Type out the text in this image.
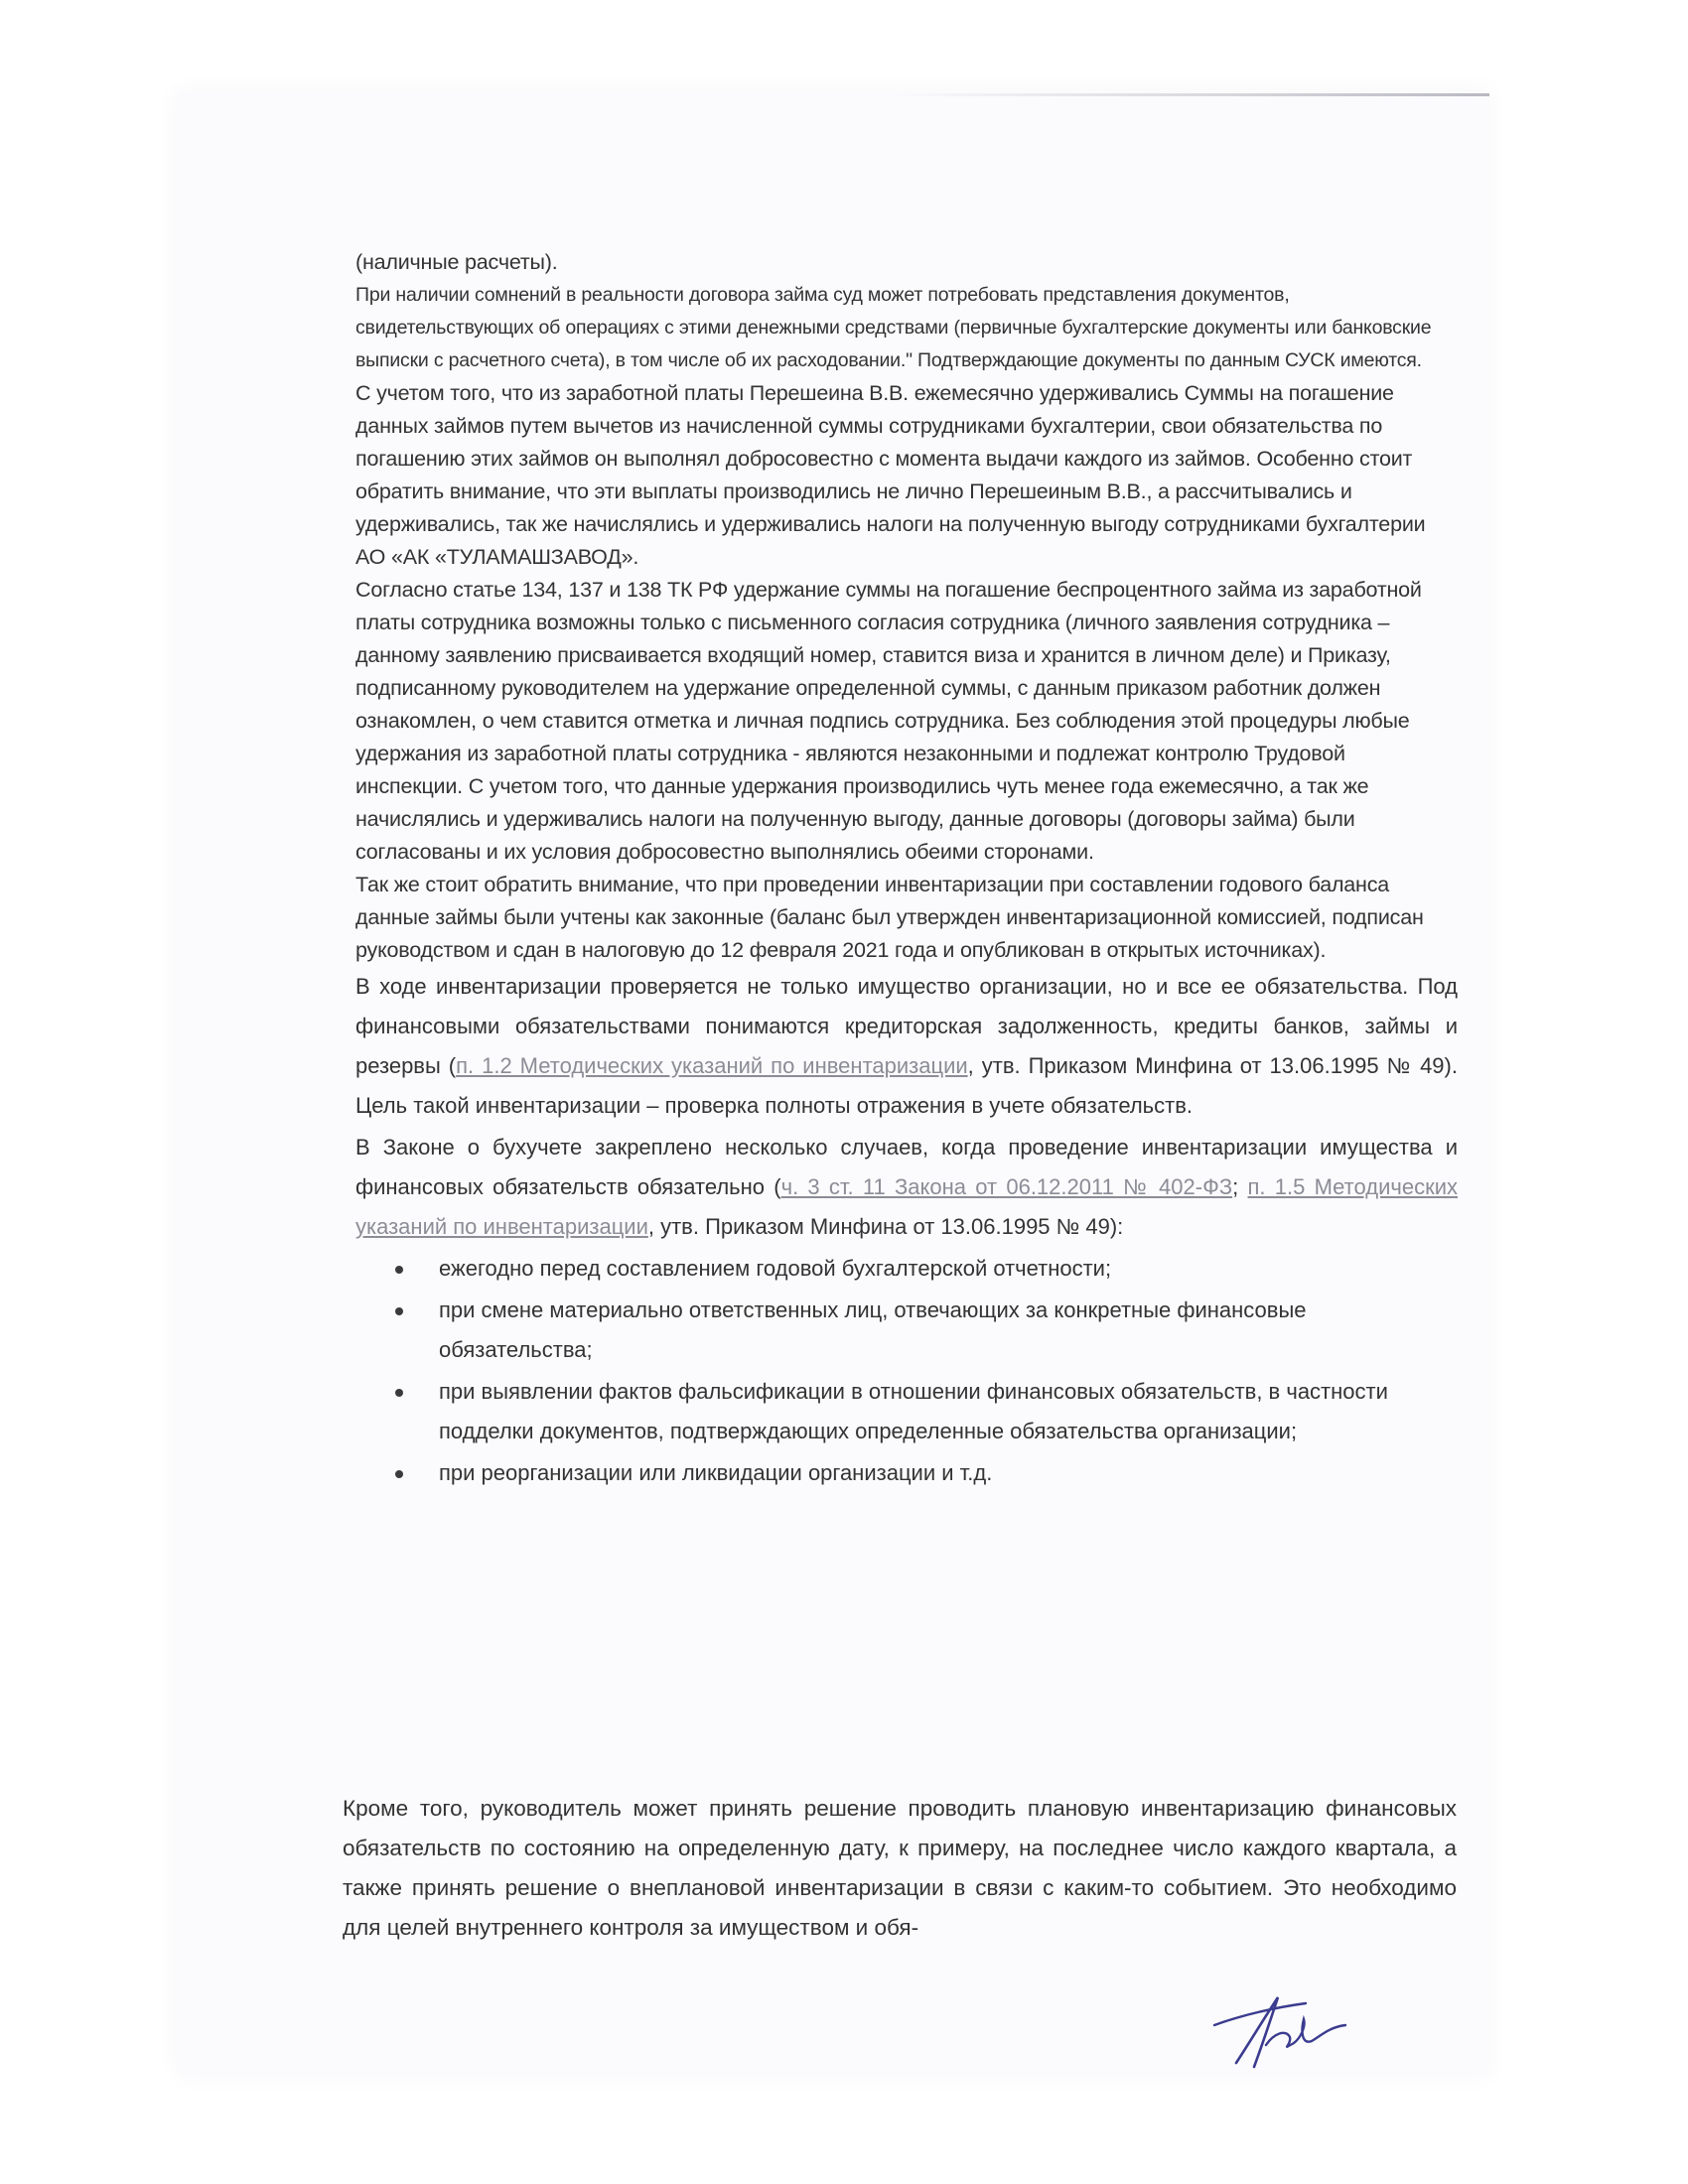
(наличные расчеты).

При наличии сомнений в реальности договора займа суд может потребовать представления документов, свидетельствующих об операциях с этими денежными средствами (первичные бухгалтерские документы или банковские выписки с расчетного счета), в том числе об их расходовании." Подтверждающие документы по данным СУСК имеются.

С учетом того, что из заработной платы Перешеина В.В. ежемесячно удерживались Суммы на погашение данных займов путем вычетов из начисленной суммы сотрудниками бухгалтерии, свои обязательства по погашению этих займов он выполнял добросовестно с момента выдачи каждого из займов. Особенно стоит обратить внимание, что эти выплаты производились не лично Перешеиным В.В., а рассчитывались и удерживались, так же начислялись и удерживались налоги на полученную выгоду сотрудниками бухгалтерии АО «АК «ТУЛАМАШЗАВОД».

Согласно статье 134, 137 и 138 ТК РФ удержание суммы на погашение беспроцентного займа из заработной платы сотрудника возможны только с письменного согласия сотрудника (личного заявления сотрудника – данному заявлению присваивается входящий номер, ставится виза и хранится в личном деле) и Приказу, подписанному руководителем на удержание определенной суммы, с данным приказом работник должен ознакомлен, о чем ставится отметка и личная подпись сотрудника. Без соблюдения этой процедуры любые удержания из заработной платы сотрудника - являются незаконными и подлежат контролю Трудовой инспекции. С учетом того, что данные удержания производились чуть менее года ежемесячно, а так же начислялись и удерживались налоги на полученную выгоду, данные договоры (договоры займа) были согласованы и их условия добросовестно выполнялись обеими сторонами.

Так же стоит обратить внимание, что при проведении инвентаризации при составлении годового баланса данные займы были учтены как законные (баланс был утвержден инвентаризационной комиссией, подписан руководством и сдан в налоговую до 12 февраля 2021 года и опубликован в открытых источниках).

В ходе инвентаризации проверяется не только имущество организации, но и все ее обязательства. Под финансовыми обязательствами понимаются кредиторская задолженность, кредиты банков, займы и резервы (п. 1.2 Методических указаний по инвентаризации, утв. Приказом Минфина от 13.06.1995 № 49). Цель такой инвентаризации – проверка полноты отражения в учете обязательств.

В Законе о бухучете закреплено несколько случаев, когда проведение инвентаризации имущества и финансовых обязательств обязательно (ч. 3 ст. 11 Закона от 06.12.2011 № 402-ФЗ; п. 1.5 Методических указаний по инвентаризации, утв. Приказом Минфина от 13.06.1995 № 49):

ежегодно перед составлением годовой бухгалтерской отчетности;
при смене материально ответственных лиц, отвечающих за конкретные финансовые обязательства;
при выявлении фактов фальсификации в отношении финансовых обязательств, в частности подделки документов, подтверждающих определенные обязательства организации;
при реорганизации или ликвидации организации и т.д.
Кроме того, руководитель может принять решение проводить плановую инвентаризацию финансовых обязательств по состоянию на определенную дату, к примеру, на последнее число каждого квартала, а также принять решение о внеплановой инвентаризации в связи с каким-то событием. Это необходимо для целей внутреннего контроля за имуществом и обя-
